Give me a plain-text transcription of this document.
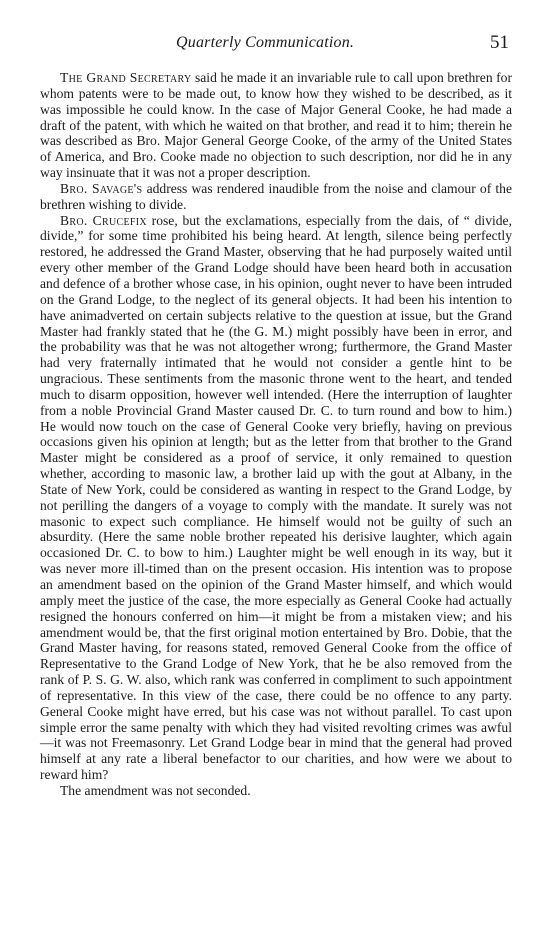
Quarterly Communication.	51

The Grand Secretary said he made it an invariable rule to call upon brethren for whom patents were to be made out, to know how they wished to be described, as it was impossible he could know. In the case of Major General Cooke, he had made a draft of the patent, with which he waited on that brother, and read it to him; therein he was described as Bro. Major General George Cooke, of the army of the United States of America, and Bro. Cooke made no objection to such description, nor did he in any way insinuate that it was not a proper description.

Bro. Savage's address was rendered inaudible from the noise and clamour of the brethren wishing to divide.

Bro. Crucefix rose, but the exclamations, especially from the dais, of “ divide, divide,” for some time prohibited his being heard. At length, silence being perfectly restored, he addressed the Grand Master, observing that he had purposely waited until every other member of the Grand Lodge should have been heard both in accusation and defence of a brother whose case, in his opinion, ought never to have been intruded on the Grand Lodge, to the neglect of its general objects. It had been his intention to have animadverted on certain subjects relative to the question at issue, but the Grand Master had frankly stated that he (the G. M.) might possibly have been in error, and the probability was that he was not altogether wrong; furthermore, the Grand Master had very fraternally intimated that he would not consider a gentle hint to be ungracious. These sentiments from the masonic throne went to the heart, and tended much to disarm opposition, however well intended. (Here the interruption of laughter from a noble Provincial Grand Master caused Dr. C. to turn round and bow to him.) He would now touch on the case of General Cooke very briefly, having on previous occasions given his opinion at length; but as the letter from that brother to the Grand Master might be considered as a proof of service, it only remained to question whether, according to masonic law, a brother laid up with the gout at Albany, in the State of New York, could be considered as wanting in respect to the Grand Lodge, by not perilling the dangers of a voyage to comply with the mandate. It surely was not masonic to expect such compliance. He himself would not be guilty of such an absurdity. (Here the same noble brother repeated his derisive laughter, which again occasioned Dr. C. to bow to him.) Laughter might be well enough in its way, but it was never more ill-timed than on the present occasion. His intention was to propose an amendment based on the opinion of the Grand Master himself, and which would amply meet the justice of the case, the more especially as General Cooke had actually resigned the honours conferred on him—it might be from a mistaken view; and his amendment would be, that the first original motion entertained by Bro. Dobie, that the Grand Master having, for reasons stated, removed General Cooke from the office of Representative to the Grand Lodge of New York, that he be also removed from the rank of P. S. G. W. also, which rank was conferred in compliment to such appointment of representative. In this view of the case, there could be no offence to any party. General Cooke might have erred, but his case was not without parallel. To cast upon simple error the same penalty with which they had visited revolting crimes was awful—it was not Freemasonry. Let Grand Lodge bear in mind that the general had proved himself at any rate a liberal benefactor to our charities, and how were we about to reward him?

The amendment was not seconded.
